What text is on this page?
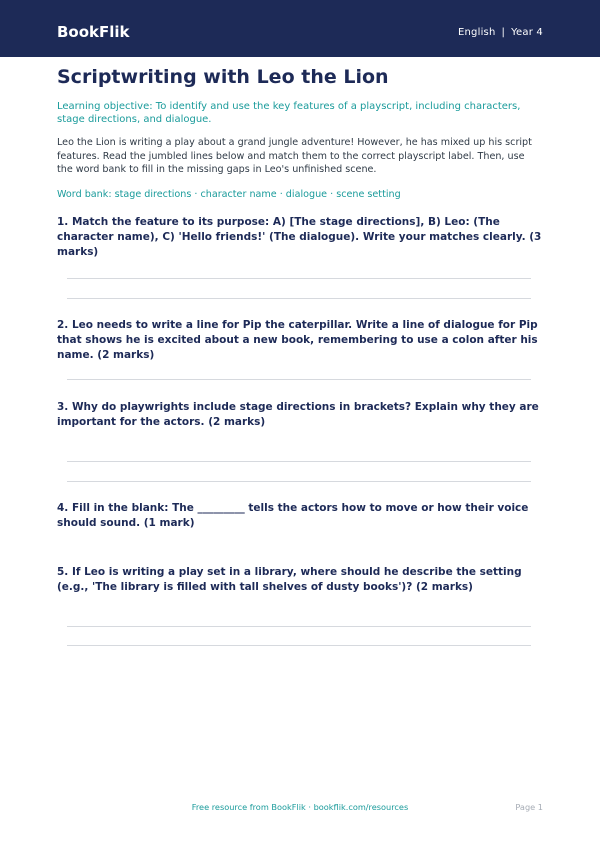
BookFlik	English | Year 4
Scriptwriting with Leo the Lion

Learning objective: To identify and use the key features of a playscript, including characters, stage directions, and dialogue.

Leo the Lion is writing a play about a grand jungle adventure! However, he has mixed up his script features. Read the jumbled lines below and match them to the correct playscript label. Then, use the word bank to fill in the missing gaps in Leo's unfinished scene.

Word bank: stage directions · character name · dialogue · scene setting

1. Match the feature to its purpose: A) [The stage directions], B) Leo: (The character name), C) 'Hello friends!' (The dialogue). Write your matches clearly. (3 marks)

2. Leo needs to write a line for Pip the caterpillar. Write a line of dialogue for Pip that shows he is excited about a new book, remembering to use a colon after his name. (2 marks)

3. Why do playwrights include stage directions in brackets? Explain why they are important for the actors. (2 marks)

4. Fill in the blank: The _________ tells the actors how to move or how their voice should sound. (1 mark)

5. If Leo is writing a play set in a library, where should he describe the setting (e.g., 'The library is filled with tall shelves of dusty books')? (2 marks)

Free resource from BookFlik · bookflik.com/resources	Page 1
